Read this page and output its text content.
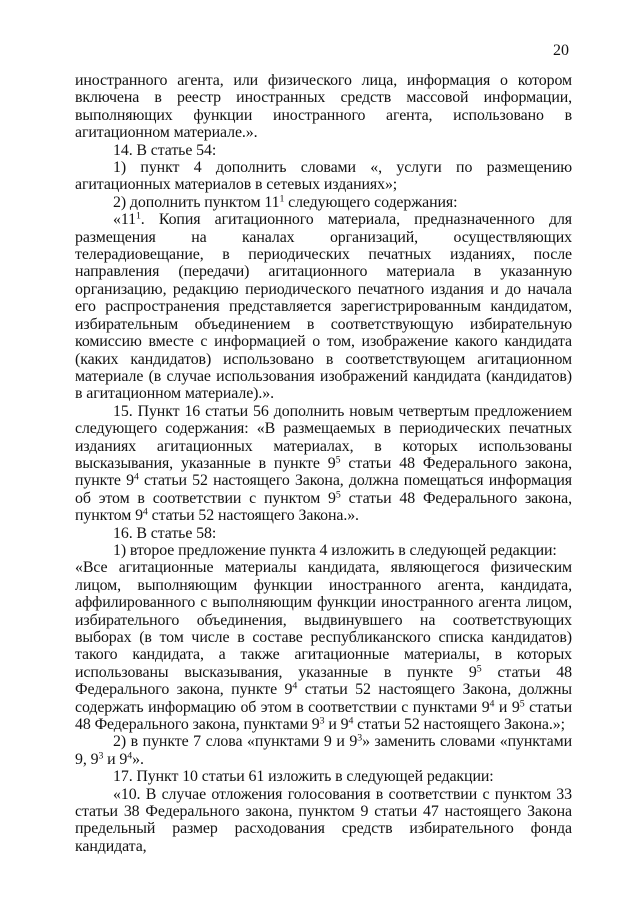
20

иностранного агента, или физического лица, информация о котором включена в реестр иностранных средств массовой информации, выполняющих функции иностранного агента, использовано в агитационном материале.».

14. В статье 54:

1) пункт 4 дополнить словами «, услуги по размещению агитационных материалов в сетевых изданиях»;

2) дополнить пунктом $11^1$ следующего содержания:

«$11^1$. Копия агитационного материала, предназначенного для размещения на каналах организаций, осуществляющих телерадиовещание, в периодических печатных изданиях, после направления (передачи) агитационного материала в указанную организацию, редакцию периодического печатного издания и до начала его распространения представляется зарегистрированным кандидатом, избирательным объединением в соответствующую избирательную комиссию вместе с информацией о том, изображение какого кандидата (каких кандидатов) использовано в соответствующем агитационном материале (в случае использования изображений кандидата (кандидатов) в агитационном материале).».

15. Пункт 16 статьи 56 дополнить новым четвертым предложением следующего содержания: «В размещаемых в периодических печатных изданиях агитационных материалах, в которых использованы высказывания, указанные в пункте $9^5$ статьи 48 Федерального закона, пункте $9^4$ статьи 52 настоящего Закона, должна помещаться информация об этом в соответствии с пунктом $9^5$ статьи 48 Федерального закона, пунктом $9^4$ статьи 52 настоящего Закона.».

16. В статье 58:

1) второе предложение пункта 4 изложить в следующей редакции:

«Все агитационные материалы кандидата, являющегося физическим лицом, выполняющим функции иностранного агента, кандидата, аффилированного с выполняющим функции иностранного агента лицом, избирательного объединения, выдвинувшего на соответствующих выборах (в том числе в составе республиканского списка кандидатов) такого кандидата, а также агитационные материалы, в которых использованы высказывания, указанные в пункте $9^5$ статьи 48 Федерального закона, пункте $9^4$ статьи 52 настоящего Закона, должны содержать информацию об этом в соответствии с пунктами $9^4$ и $9^5$ статьи 48 Федерального закона, пунктами $9^3$ и $9^4$ статьи 52 настоящего Закона.»;

2) в пункте 7 слова «пунктами 9 и $9^3$» заменить словами «пунктами 9, $9^3$ и $9^4$».

17. Пункт 10 статьи 61 изложить в следующей редакции:

«10. В случае отложения голосования в соответствии с пунктом 33 статьи 38 Федерального закона, пунктом 9 статьи 47 настоящего Закона предельный размер расходования средств избирательного фонда кандидата,
